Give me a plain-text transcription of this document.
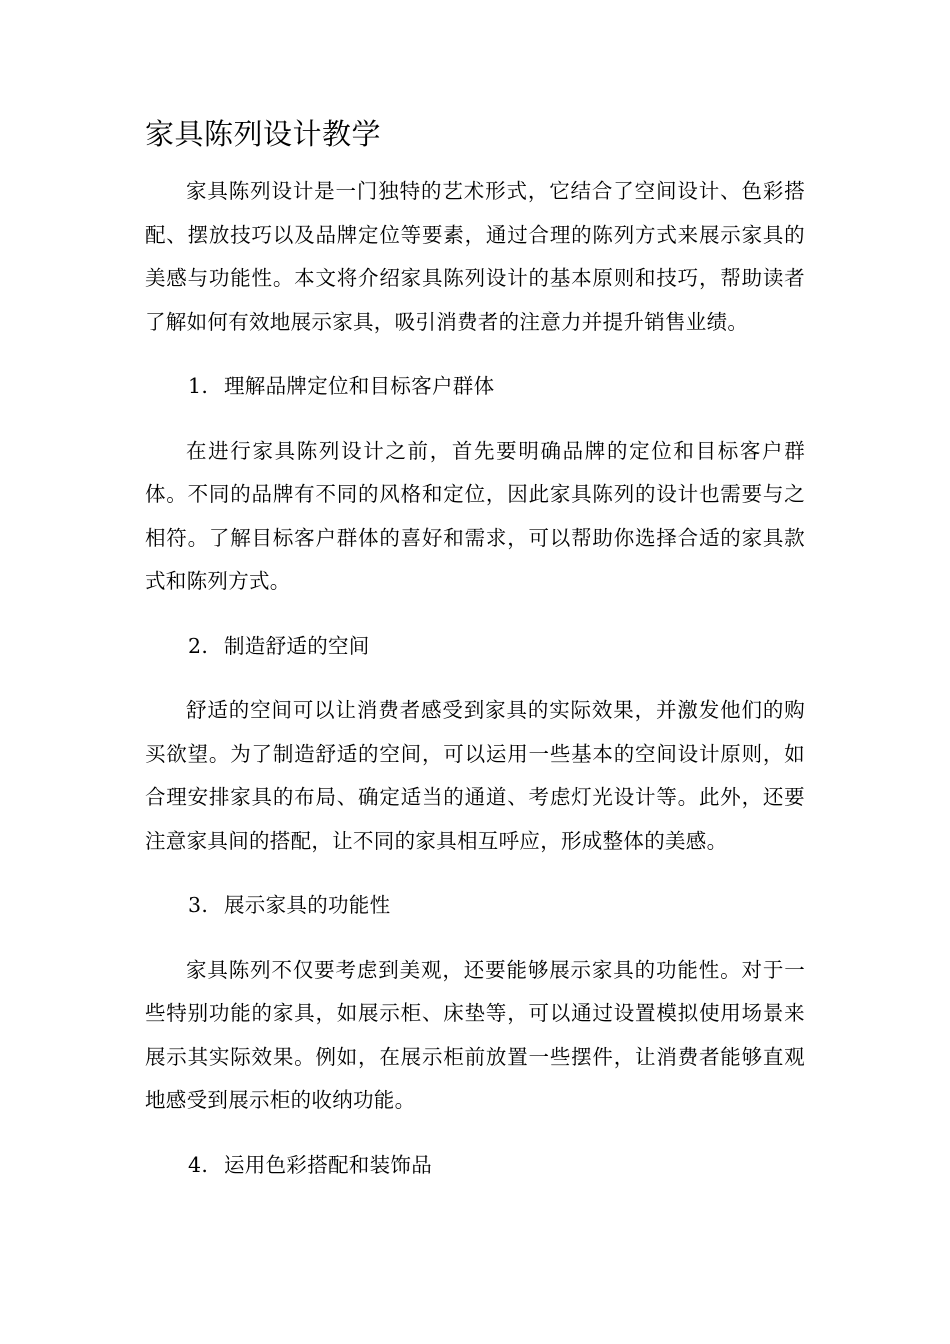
家具陈列设计教学

家具陈列设计是一门独特的艺术形式，它结合了空间设计、色彩搭配、摆放技巧以及品牌定位等要素，通过合理的陈列方式来展示家具的美感与功能性。本文将介绍家具陈列设计的基本原则和技巧，帮助读者了解如何有效地展示家具，吸引消费者的注意力并提升销售业绩。

1. 理解品牌定位和目标客户群体

在进行家具陈列设计之前，首先要明确品牌的定位和目标客户群体。不同的品牌有不同的风格和定位，因此家具陈列的设计也需要与之相符。了解目标客户群体的喜好和需求，可以帮助你选择合适的家具款式和陈列方式。

2. 制造舒适的空间

舒适的空间可以让消费者感受到家具的实际效果，并激发他们的购买欲望。为了制造舒适的空间，可以运用一些基本的空间设计原则，如合理安排家具的布局、确定适当的通道、考虑灯光设计等。此外，还要注意家具间的搭配，让不同的家具相互呼应，形成整体的美感。

3. 展示家具的功能性

家具陈列不仅要考虑到美观，还要能够展示家具的功能性。对于一些特别功能的家具，如展示柜、床垫等，可以通过设置模拟使用场景来展示其实际效果。例如，在展示柜前放置一些摆件，让消费者能够直观地感受到展示柜的收纳功能。

4. 运用色彩搭配和装饰品
